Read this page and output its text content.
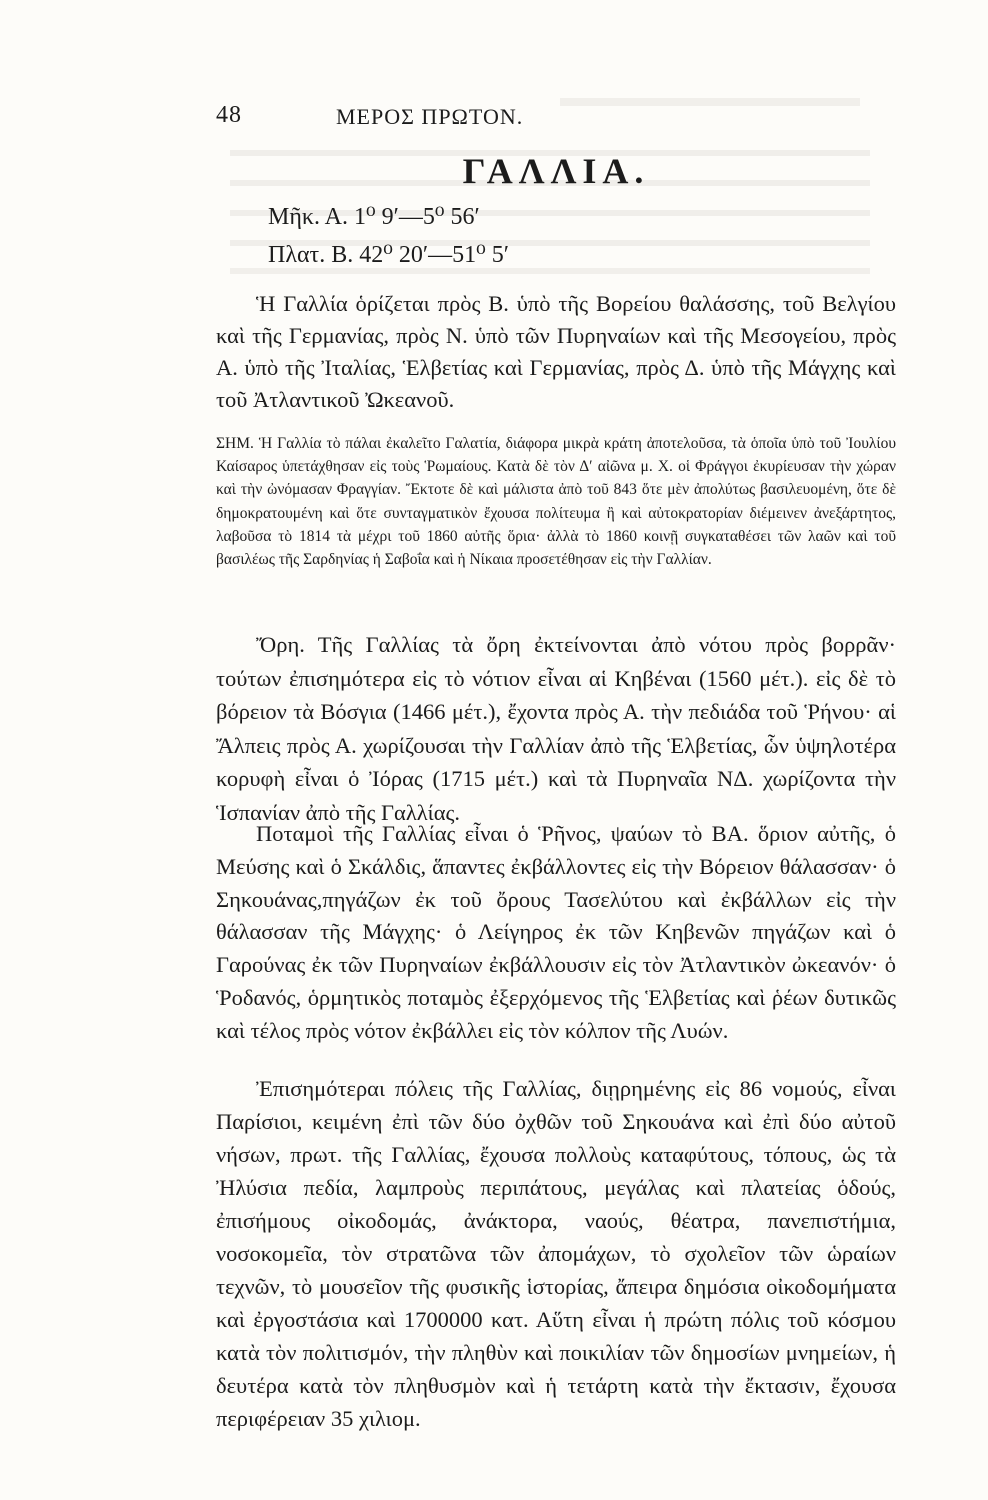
48	ΜΕΡΟΣ ΠΡΩΤΟΝ.
ΓΑΛΛΙΑ.
Μῆκ. Α. 1⁰ 9′—5⁰ 56′
Πλατ. Β. 42⁰ 20′—51⁰ 5′

Ἡ Γαλλία ὁρίζεται πρὸς Β. ὑπὸ τῆς Βορείου θαλάσσης, τοῦ Βελγίου καὶ τῆς Γερμανίας, πρὸς Ν. ὑπὸ τῶν Πυρηναίων καὶ τῆς Μεσογείου, πρὸς Α. ὑπὸ τῆς Ἰταλίας, Ἑλβετίας καὶ Γερμανίας, πρὸς Δ. ὑπὸ τῆς Μάγχης καὶ τοῦ Ἀτλαντικοῦ Ὠκεανοῦ.

ΣΗΜ. Ἡ Γαλλία τὸ πάλαι ἐκαλεῖτο Γαλατία, διάφορα μικρὰ κράτη ἀποτελοῦσα, τὰ ὁποῖα ὑπὸ τοῦ Ἰουλίου Καίσαρος ὑπετάχθησαν εἰς τοὺς Ῥωμαίους. Κατὰ δὲ τὸν Δ′ αἰῶνα μ. Χ. οἱ Φράγγοι ἐκυρίευσαν τὴν χώραν καὶ τὴν ὠνόμασαν Φραγγίαν. Ἔκτοτε δὲ καὶ μάλιστα ἀπὸ τοῦ 843 ὅτε μὲν ἀπολύτως βασιλευομένη, ὅτε δὲ δημοκρατουμένη καὶ ὅτε συνταγματικὸν ἔχουσα πολίτευμα ἢ καὶ αὐτοκρατορίαν διέμεινεν ἀνεξάρτητος, λαβοῦσα τὸ 1814 τὰ μέχρι τοῦ 1860 αὐτῆς ὅρια· ἀλλὰ τὸ 1860 κοινῇ συγκαταθέσει τῶν λαῶν καὶ τοῦ βασιλέως τῆς Σαρδηνίας ἡ Σαβοΐα καὶ ἡ Νίκαια προσετέθησαν εἰς τὴν Γαλλίαν.

Ὄρη. Τῆς Γαλλίας τὰ ὄρη ἐκτείνονται ἀπὸ νότου πρὸς βορρᾶν· τούτων ἐπισημότερα εἰς τὸ νότιον εἶναι αἱ Κηβέναι (1560 μέτ.). εἰς δὲ τὸ βόρειον τὰ Βόσγια (1466 μέτ.), ἔχοντα πρὸς Α. τὴν πεδιάδα τοῦ Ῥήνου· αἱ Ἄλπεις πρὸς Α. χωρίζουσαι τὴν Γαλλίαν ἀπὸ τῆς Ἑλβετίας, ὧν ὑψηλοτέρα κορυφὴ εἶναι ὁ Ἰόρας (1715 μέτ.) καὶ τὰ Πυρηναῖα ΝΔ. χωρίζοντα τὴν Ἱσπανίαν ἀπὸ τῆς Γαλλίας.

Ποταμοὶ τῆς Γαλλίας εἶναι ὁ Ῥῆνος, ψαύων τὸ ΒΑ. ὅριον αὐτῆς, ὁ Μεύσης καὶ ὁ Σκάλδις, ἅπαντες ἐκβάλλοντες εἰς τὴν Βόρειον θάλασσαν· ὁ Σηκουάνας,πηγάζων ἐκ τοῦ ὄρους Τασελύτου καὶ ἐκβάλλων εἰς τὴν θάλασσαν τῆς Μάγχης· ὁ Λείγηρος ἐκ τῶν Κηβενῶν πηγάζων καὶ ὁ Γαρούνας ἐκ τῶν Πυρηναίων ἐκβάλλουσιν εἰς τὸν Ἀτλαντικὸν ὠκεανόν· ὁ Ῥοδανός, ὁρμητικὸς ποταμὸς ἐξερχόμενος τῆς Ἑλβετίας καὶ ῥέων δυτικῶς καὶ τέλος πρὸς νότον ἐκβάλλει εἰς τὸν κόλπον τῆς Λυών.

Ἐπισημότεραι πόλεις τῆς Γαλλίας, διῃρημένης εἰς 86 νομούς, εἶναι Παρίσιοι, κειμένη ἐπὶ τῶν δύο ὀχθῶν τοῦ Σηκουάνα καὶ ἐπὶ δύο αὐτοῦ νήσων, πρωτ. τῆς Γαλλίας, ἔχουσα πολλοὺς καταφύτους, τόπους, ὡς τὰ Ἠλύσια πεδία, λαμπροὺς περιπάτους, μεγάλας καὶ πλατείας ὁδούς, ἐπισήμους οἰκοδομάς, ἀνάκτορα, ναούς, θέατρα, πανεπιστήμια, νοσοκομεῖα, τὸν στρατῶνα τῶν ἀπομάχων, τὸ σχολεῖον τῶν ὡραίων τεχνῶν, τὸ μουσεῖον τῆς φυσικῆς ἱστορίας, ἄπειρα δημόσια οἰκοδομήματα καὶ ἐργοστάσια καὶ 1700000 κατ. Αὕτη εἶναι ἡ πρώτη πόλις τοῦ κόσμου κατὰ τὸν πολιτισμόν, τὴν πληθὺν καὶ ποικιλίαν τῶν δημοσίων μνημείων, ἡ δευτέρα κατὰ τὸν πληθυσμὸν καὶ ἡ τετάρτη κατὰ τὴν ἔκτασιν, ἔχουσα περιφέρειαν 35 χιλιομ.
